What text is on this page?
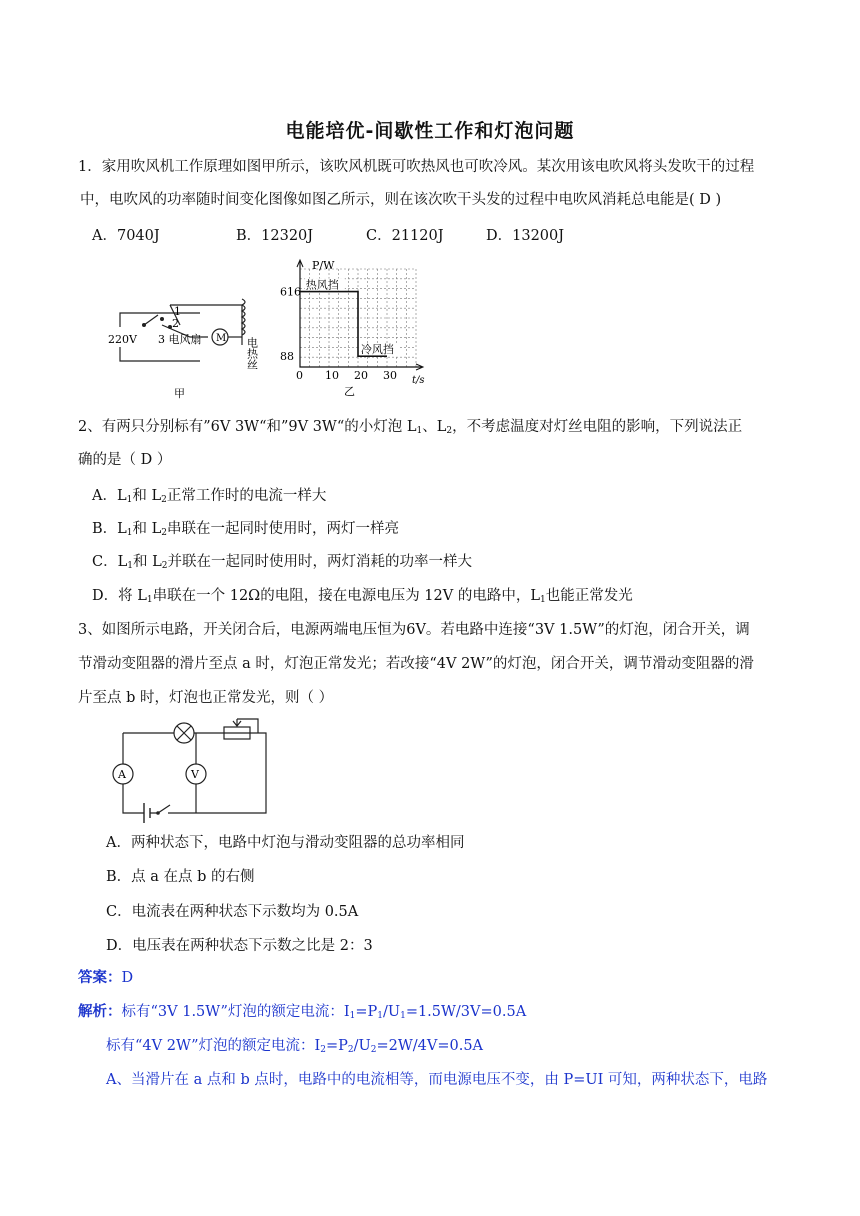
电能培优-间歇性工作和灯泡问题
1．家用吹风机工作原理如图甲所示，该吹风机既可吹热风也可吹冷风。某次用该电吹风将头发吹干的过程
中，电吹风的功率随时间变化图像如图乙所示，则在该次吹干头发的过程中电吹风消耗总电能是( D )
A．7040J	B．12320J	C．21120J	D．13200J
220V
1
2
3 电风扇 M 电热丝
甲
P/W
t/s
乙
0 10 20 30
616
88
热风挡
冷风挡
2、有两只分别标有”6V 3W“和”9V 3W“的小灯泡 $L_1$、$L_2$，不考虑温度对灯丝电阻的影响，下列说法正
确的是（ D ）
A．$L_1$和 $L_2$正常工作时的电流一样大
B．$L_1$和 $L_2$串联在一起同时使用时，两灯一样亮
C．$L_1$和 $L_2$并联在一起同时使用时，两灯消耗的功率一样大
D．将 $L_1$串联在一个 12Ω的电阻，接在电源电压为 12V 的电路中，$L_1$也能正常发光
3、如图所示电路，开关闭合后，电源两端电压恒为6V。若电路中连接“3V 1.5W”的灯泡，闭合开关，调
节滑动变阻器的滑片至点 a 时，灯泡正常发光；若改接“4V 2W”的灯泡，闭合开关，调节滑动变阻器的滑
片至点 b 时，灯泡也正常发光，则（ ）
A	V
A．两种状态下，电路中灯泡与滑动变阻器的总功率相同
B．点 a 在点 b 的右侧
C．电流表在两种状态下示数均为 0.5A
D．电压表在两种状态下示数之比是 2：3
答案：D
解析：标有“3V 1.5W”灯泡的额定电流：$I_1=P_1/U_1=1.5W/3V=0.5A$
标有“4V 2W”灯泡的额定电流：$I_2=P_2/U_2=2W/4V=0.5A$
A、当滑片在 a 点和 b 点时，电路中的电流相等，而电源电压不变，由 P=UI 可知，两种状态下，电路
